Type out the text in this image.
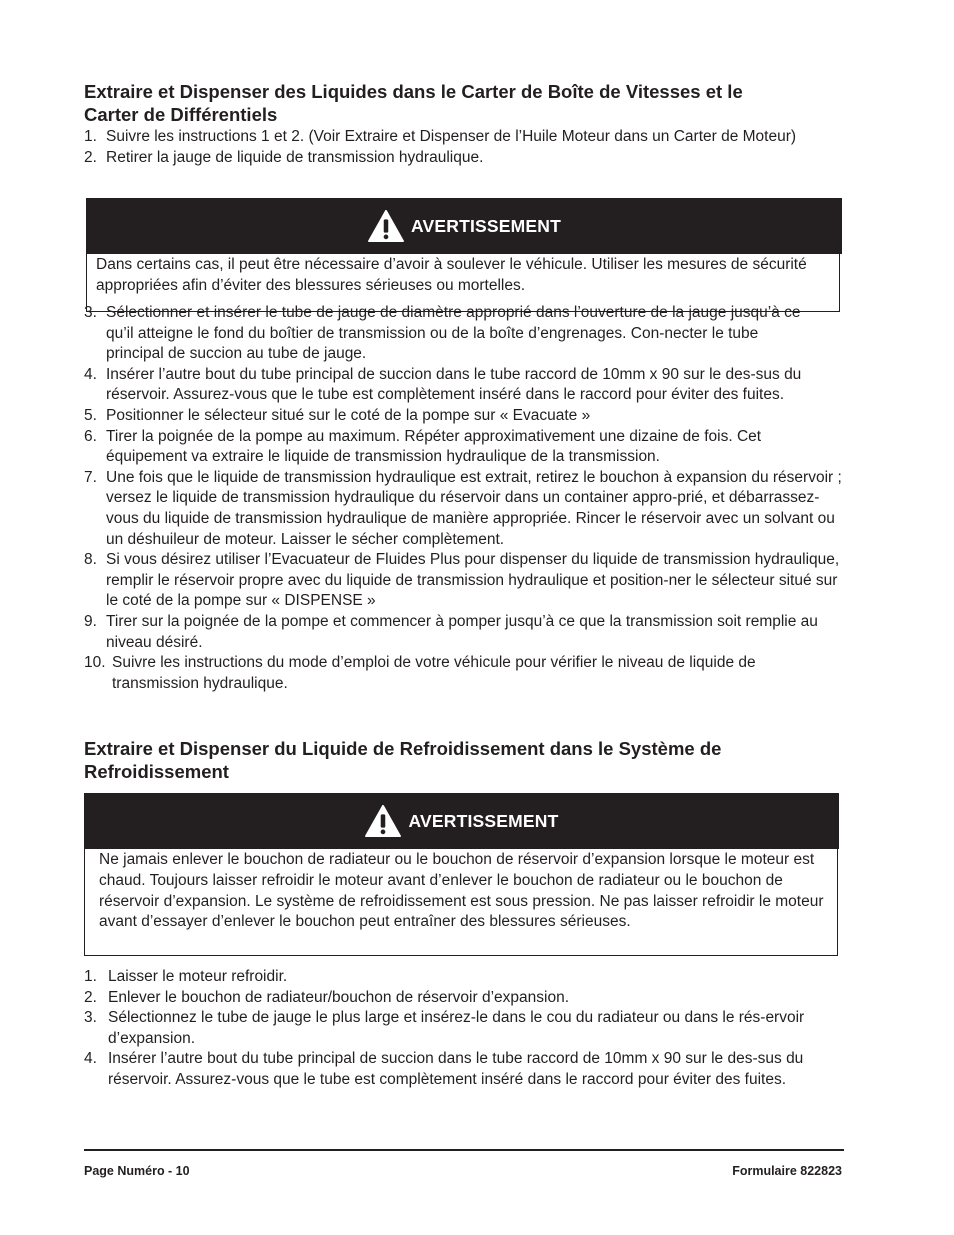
Extraire et Dispenser des Liquides dans le Carter de Boîte de Vitesses et le
Carter de Différentiels
1. Suivre les instructions 1 et 2. (Voir Extraire et Dispenser de l’Huile Moteur dans un Carter de Moteur)
2. Retirer la jauge de liquide de transmission hydraulique.
AVERTISSEMENT

Dans certains cas, il peut être nécessaire d’avoir à soulever le véhicule. Utiliser les mesures de sécurité appropriées afin d’éviter des blessures sérieuses ou mortelles.

3. Sélectionner et insérer le tube de jauge de diamètre approprié dans l’ouverture de la jauge jusqu’à ce qu’il atteigne le fond du boîtier de transmission ou de la boîte d’engrenages. Con-necter le tube principal de succion au tube de jauge.
4. Insérer l’autre bout du tube principal de succion dans le tube raccord de 10mm x 90 sur le des-sus du réservoir. Assurez-vous que le tube est complètement inséré dans le raccord pour éviter des fuites.
5. Positionner le sélecteur situé sur le coté de la pompe sur « Evacuate »
6. Tirer la poignée de la pompe au maximum. Répéter approximativement une dizaine de fois. Cet équipement va extraire le liquide de transmission hydraulique de la transmission.
7. Une fois que le liquide de transmission hydraulique est extrait, retirez le bouchon à expansion du réservoir ; versez le liquide de transmission hydraulique du réservoir dans un container appro-prié, et débarrassez-vous du liquide de transmission hydraulique de manière appropriée. Rincer le réservoir avec un solvant ou un déshuileur de moteur. Laisser le sécher complètement.
8. Si vous désirez utiliser l’Evacuateur de Fluides Plus pour dispenser du liquide de transmission hydraulique, remplir le réservoir propre avec du liquide de transmission hydraulique et position-ner le sélecteur situé sur le coté de la pompe sur « DISPENSE »
9. Tirer sur la poignée de la pompe et commencer à pomper jusqu’à ce que la transmission soit remplie au niveau désiré.
10. Suivre les instructions du mode d’emploi de votre véhicule pour vérifier le niveau de liquide de transmission hydraulique.
Extraire et Dispenser du Liquide de Refroidissement dans le Système de
Refroidissement
AVERTISSEMENT

Ne jamais enlever le bouchon de radiateur ou le bouchon de réservoir d’expansion lorsque le moteur est chaud. Toujours laisser refroidir le moteur avant d’enlever le bouchon de radiateur ou le bouchon de réservoir d’expansion. Le système de refroidissement est sous pression. Ne pas laisser refroidir le moteur avant d’essayer d’enlever le bouchon peut entraîner des blessures sérieuses.

1. Laisser le moteur refroidir.
2. Enlever le bouchon de radiateur/bouchon de réservoir d’expansion.
3. Sélectionnez le tube de jauge le plus large et insérez-le dans le cou du radiateur ou dans le rés-ervoir d’expansion.
4. Insérer l’autre bout du tube principal de succion dans le tube raccord de 10mm x 90 sur le des-sus du réservoir. Assurez-vous que le tube est complètement inséré dans le raccord pour éviter des fuites.
Page Numéro - 10	Formulaire 822823
